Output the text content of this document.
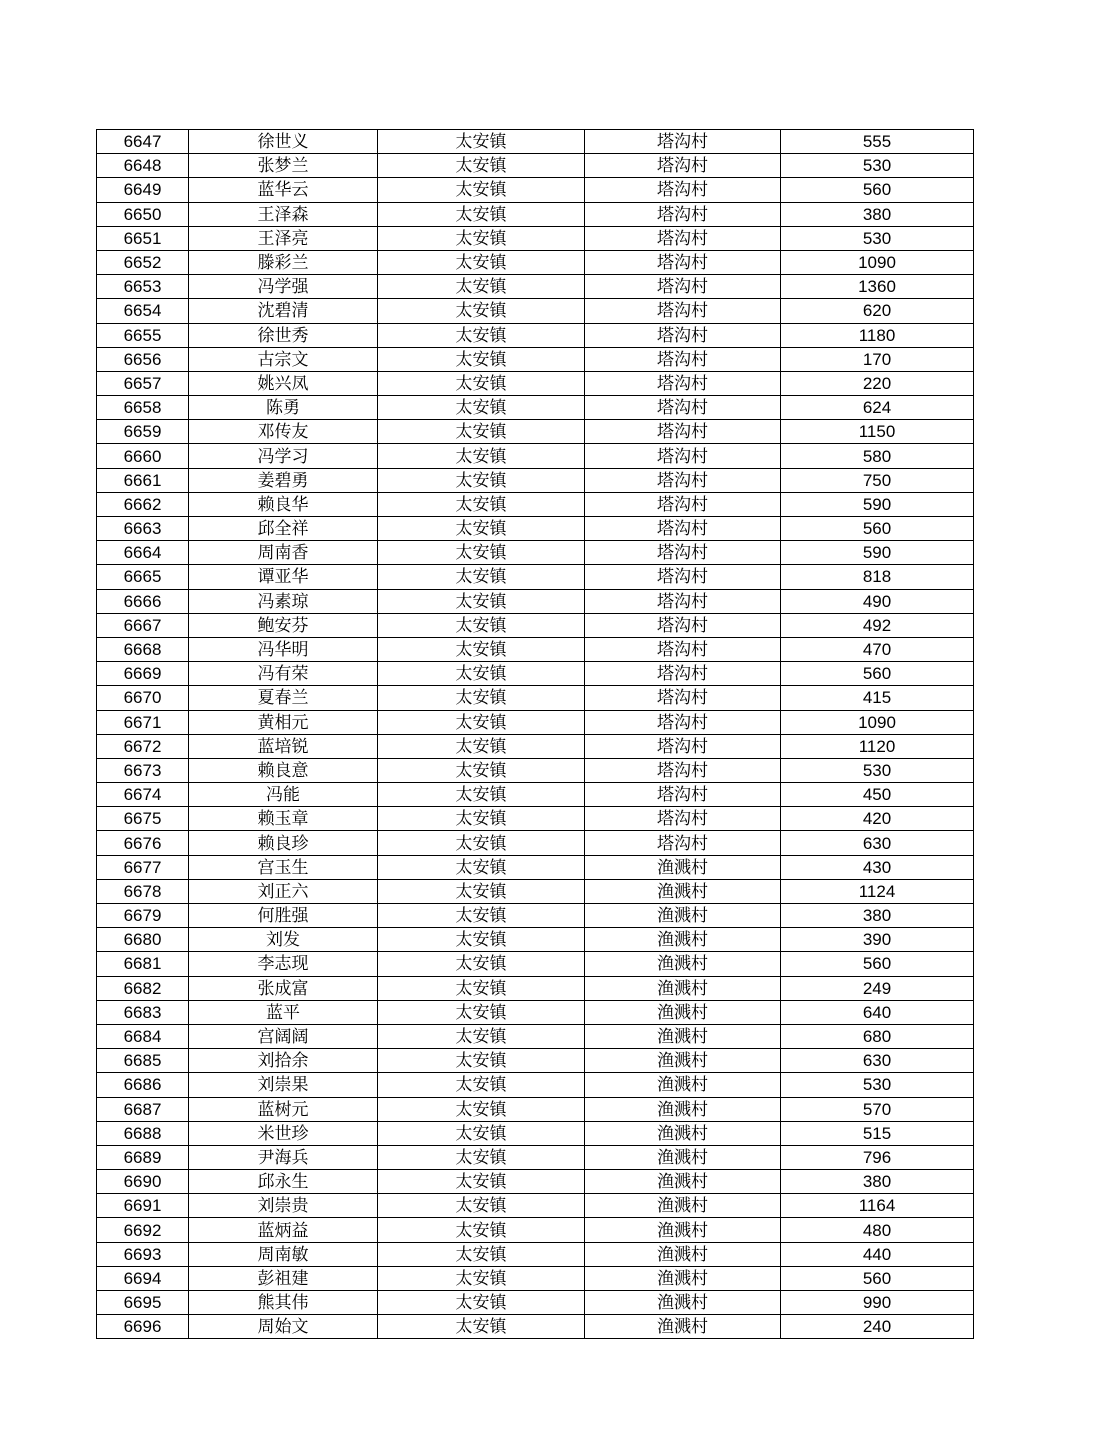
6647	徐世义	太安镇	塔沟村	555
6648	张梦兰	太安镇	塔沟村	530
6649	蓝华云	太安镇	塔沟村	560
6650	王泽森	太安镇	塔沟村	380
6651	王泽亮	太安镇	塔沟村	530
6652	滕彩兰	太安镇	塔沟村	1090
6653	冯学强	太安镇	塔沟村	1360
6654	沈碧清	太安镇	塔沟村	620
6655	徐世秀	太安镇	塔沟村	1180
6656	古宗文	太安镇	塔沟村	170
6657	姚兴凤	太安镇	塔沟村	220
6658	陈勇	太安镇	塔沟村	624
6659	邓传友	太安镇	塔沟村	1150
6660	冯学习	太安镇	塔沟村	580
6661	姜碧勇	太安镇	塔沟村	750
6662	赖良华	太安镇	塔沟村	590
6663	邱全祥	太安镇	塔沟村	560
6664	周南香	太安镇	塔沟村	590
6665	谭亚华	太安镇	塔沟村	818
6666	冯素琼	太安镇	塔沟村	490
6667	鲍安芬	太安镇	塔沟村	492
6668	冯华明	太安镇	塔沟村	470
6669	冯有荣	太安镇	塔沟村	560
6670	夏春兰	太安镇	塔沟村	415
6671	黄相元	太安镇	塔沟村	1090
6672	蓝培锐	太安镇	塔沟村	1120
6673	赖良意	太安镇	塔沟村	530
6674	冯能	太安镇	塔沟村	450
6675	赖玉章	太安镇	塔沟村	420
6676	赖良珍	太安镇	塔沟村	630
6677	宫玉生	太安镇	渔溅村	430
6678	刘正六	太安镇	渔溅村	1124
6679	何胜强	太安镇	渔溅村	380
6680	刘发	太安镇	渔溅村	390
6681	李志现	太安镇	渔溅村	560
6682	张成富	太安镇	渔溅村	249
6683	蓝平	太安镇	渔溅村	640
6684	宫阔阔	太安镇	渔溅村	680
6685	刘拾余	太安镇	渔溅村	630
6686	刘崇果	太安镇	渔溅村	530
6687	蓝树元	太安镇	渔溅村	570
6688	米世珍	太安镇	渔溅村	515
6689	尹海兵	太安镇	渔溅村	796
6690	邱永生	太安镇	渔溅村	380
6691	刘崇贵	太安镇	渔溅村	1164
6692	蓝炳益	太安镇	渔溅村	480
6693	周南敏	太安镇	渔溅村	440
6694	彭祖建	太安镇	渔溅村	560
6695	熊其伟	太安镇	渔溅村	990
6696	周始文	太安镇	渔溅村	240
